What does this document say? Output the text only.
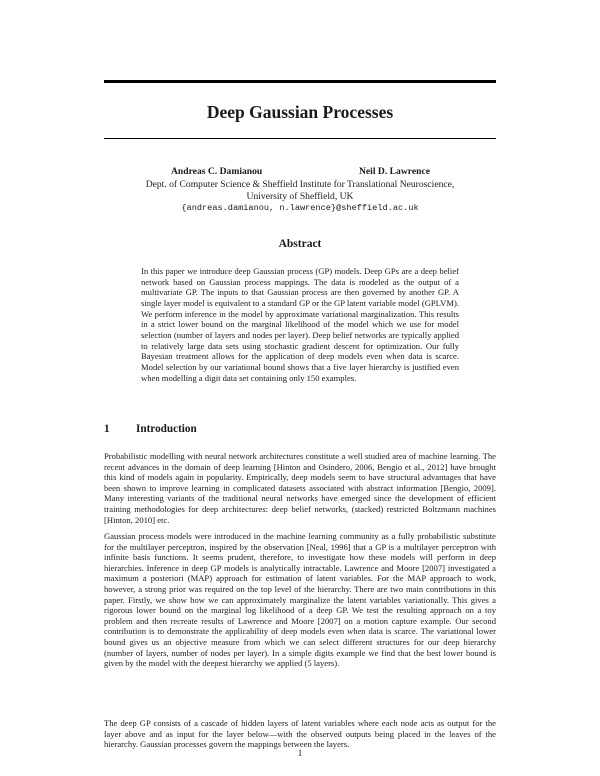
Deep Gaussian Processes
Andreas C. Damianou	Neil D. Lawrence
Dept. of Computer Science & Sheffield Institute for Translational Neuroscience,
University of Sheffield, UK
{andreas.damianou, n.lawrence}@sheffield.ac.uk
Abstract
In this paper we introduce deep Gaussian process (GP) models. Deep GPs are a deep belief network based on Gaussian process mappings. The data is modeled as the output of a multivariate GP. The inputs to that Gaussian process are then governed by another GP. A single layer model is equivalent to a standard GP or the GP latent variable model (GPLVM). We perform inference in the model by approximate variational marginalization. This results in a strict lower bound on the marginal likelihood of the model which we use for model selection (number of layers and nodes per layer). Deep belief networks are typically applied to relatively large data sets using stochastic gradient descent for optimization. Our fully Bayesian treatment allows for the application of deep models even when data is scarce. Model selection by our variational bound shows that a five layer hierarchy is justified even when modelling a digit data set containing only 150 examples.
1 Introduction
Probabilistic modelling with neural network architectures constitute a well studied area of machine learning. The recent advances in the domain of deep learning [Hinton and Osindero, 2006, Bengio et al., 2012] have brought this kind of models again in popularity. Empirically, deep models seem to have structural advantages that have been shown to improve learning in complicated datasets associated with abstract information [Bengio, 2009]. Many interesting variants of the traditional neural networks have emerged since the development of efficient training methodologies for deep architectures: deep belief networks, (stacked) restricted Boltzmann machines [Hinton, 2010] etc.
Gaussian process models were introduced in the machine learning community as a fully probabilistic substitute for the multilayer perceptron, inspired by the observation [Neal, 1996] that a GP is a multilayer perceptron with infinite basis functions. It seems prudent, therefore, to investigate how these models will perform in deep hierarchies. Inference in deep GP models is analytically intractable. Lawrence and Moore [2007] investigated a maximum a posteriori (MAP) approach for estimation of latent variables. For the MAP approach to work, however, a strong prior was required on the top level of the hierarchy. There are two main contributions in this paper. Firstly, we show how we can approximately marginalize the latent variables variationally. This gives a rigorous lower bound on the marginal log likelihood of a deep GP. We test the resulting approach on a toy problem and then recreate results of Lawrence and Moore [2007] on a motion capture example. Our second contribution is to demonstrate the applicability of deep models even when data is scarce. The variational lower bound gives us an objective measure from which we can select different structures for our deep hierarchy (number of layers, number of nodes per layer). In a simple digits example we find that the best lower bound is given by the model with the deepest hierarchy we applied (5 layers).
The deep GP consists of a cascade of hidden layers of latent variables where each node acts as output for the layer above and as input for the layer below—with the observed outputs being placed in the leaves of the hierarchy. Gaussian processes govern the mappings between the layers.
1
